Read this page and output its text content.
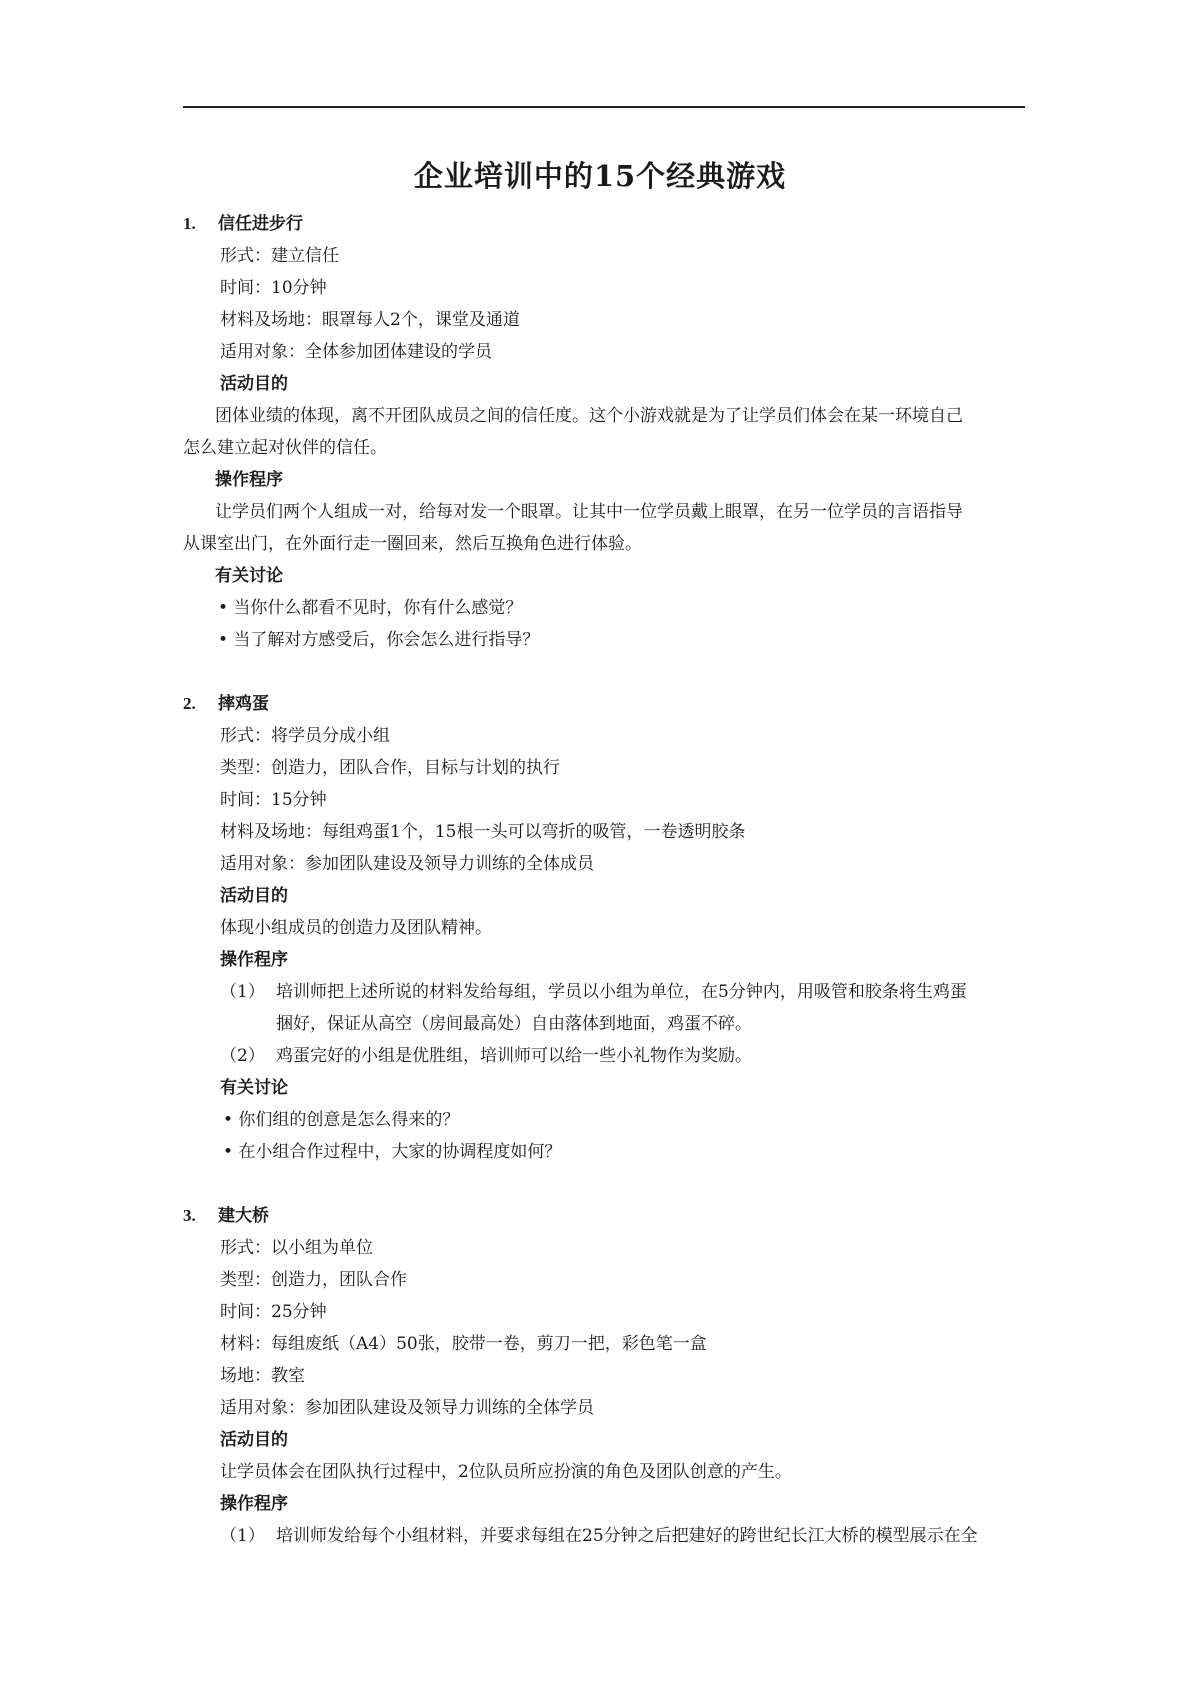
企业培训中的15个经典游戏
1. 信任进步行
形式：建立信任
时间：10分钟
材料及场地：眼罩每人2个，课堂及通道
适用对象：全体参加团体建设的学员
活动目的
团体业绩的体现，离不开团队成员之间的信任度。这个小游戏就是为了让学员们体会在某一环境自己
怎么建立起对伙伴的信任。
操作程序
让学员们两个人组成一对，给每对发一个眼罩。让其中一位学员戴上眼罩，在另一位学员的言语指导
从课室出门，在外面行走一圈回来，然后互换角色进行体验。
有关讨论
• 当你什么都看不见时，你有什么感觉？
• 当了解对方感受后，你会怎么进行指导？
2. 摔鸡蛋
形式：将学员分成小组
类型：创造力，团队合作，目标与计划的执行
时间：15分钟
材料及场地：每组鸡蛋1个，15根一头可以弯折的吸管，一卷透明胶条
适用对象：参加团队建设及领导力训练的全体成员
活动目的
体现小组成员的创造力及团队精神。
操作程序
（1） 培训师把上述所说的材料发给每组，学员以小组为单位，在5分钟内，用吸管和胶条将生鸡蛋
捆好，保证从高空（房间最高处）自由落体到地面，鸡蛋不碎。
（2） 鸡蛋完好的小组是优胜组，培训师可以给一些小礼物作为奖励。
有关讨论
• 你们组的创意是怎么得来的？
• 在小组合作过程中，大家的协调程度如何？
3. 建大桥
形式：以小组为单位
类型：创造力，团队合作
时间：25分钟
材料：每组废纸（A4）50张，胶带一卷，剪刀一把，彩色笔一盒
场地：教室
适用对象：参加团队建设及领导力训练的全体学员
活动目的
让学员体会在团队执行过程中，2位队员所应扮演的角色及团队创意的产生。
操作程序
（1） 培训师发给每个小组材料，并要求每组在25分钟之后把建好的跨世纪长江大桥的模型展示在全
